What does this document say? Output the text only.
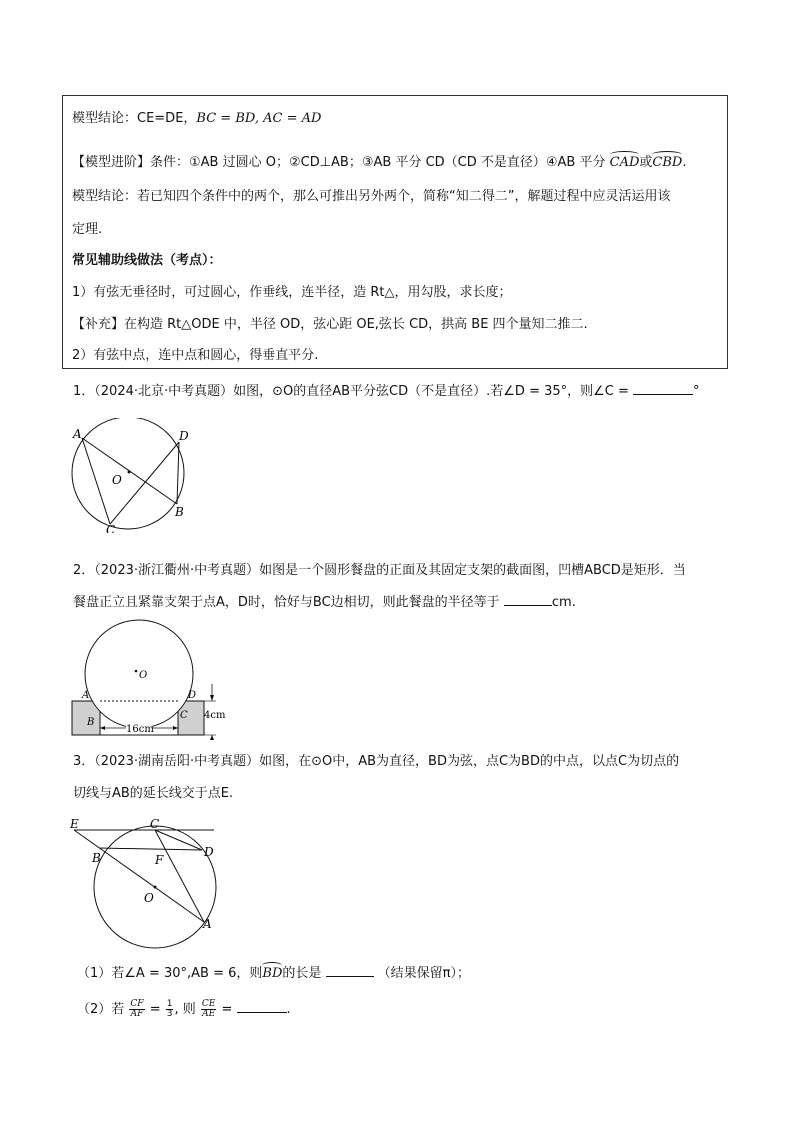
模型结论：CE=DE，BC = BD, AC = AD
【模型进阶】条件：①AB 过圆心 O；②CD⊥AB；③AB 平分 CD（CD 不是直径）④AB 平分 CAD或CBD.
模型结论：若已知四个条件中的两个，那么可推出另外两个，简称“知二得二”，解题过程中应灵活运用该
定理.
常见辅助线做法（考点）：
1）有弦无垂径时，可过圆心，作垂线，连半径，造 Rt△，用勾股，求长度；
【补充】在构造 Rt△ODE 中，半径 OD，弦心距 OE,弦长 CD，拱高 BE 四个量知二推二.
2）有弦中点，连中点和圆心，得垂直平分.
1．（2024·北京·中考真题）如图，⊙O的直径AB平分弦CD（不是直径）.若∠D = 35°，则∠C =	°
A	D
O
B
C
2．（2023·浙江衢州·中考真题）如图是一个圆形餐盘的正面及其固定支架的截面图，凹槽ABCD是矩形．当
餐盘正立且紧靠支架于点A，D时，恰好与BC边相切，则此餐盘的半径等于	cm.
O
A	D
B
C
16cm
4cm
3．（2023·湖南岳阳·中考真题）如图，在⊙O中，AB为直径，BD为弦，点C为BD的中点，以点C为切点的
切线与AB的延长线交于点E.
E	C
D
B	F
O
A
（1）若∠A = 30°,AB = 6，则BD的长是	（结果保留π）；
（2）若 $\frac{CF}{AF} = \frac{1}{3}$ , 则 $\frac{CE}{AE}$ =	.
